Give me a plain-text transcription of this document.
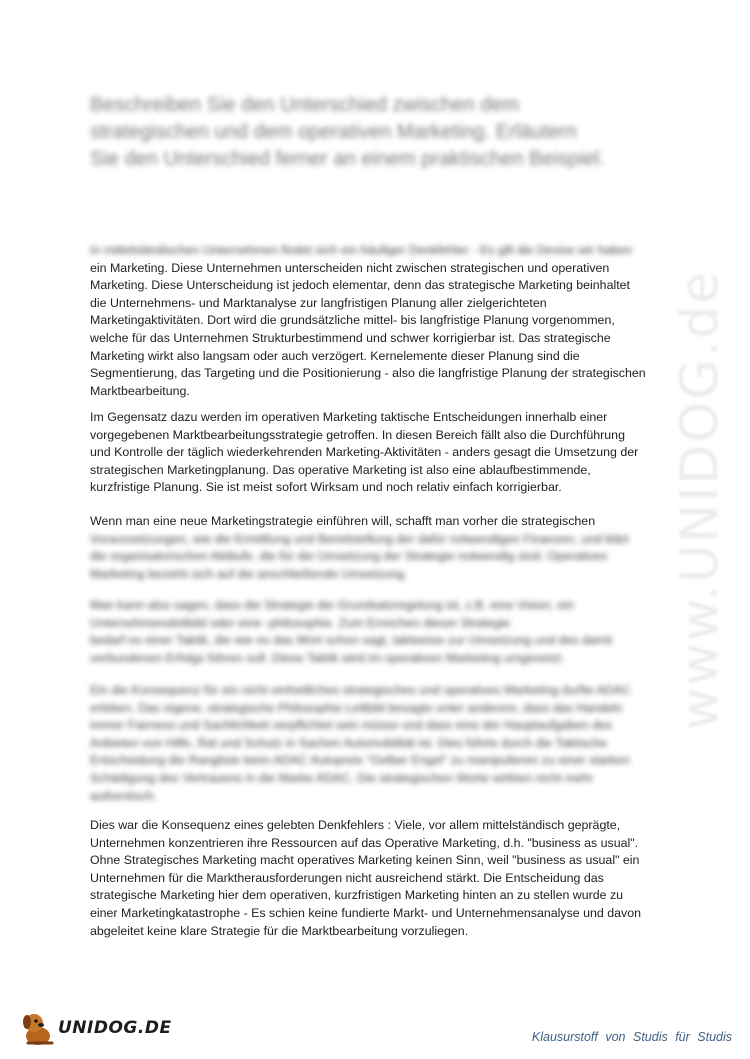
Beschreiben Sie den Unterschied zwischen dem strategischen und dem operativen Marketing. Erläutern Sie den Unterschied ferner an einem praktischen Beispiel.
In mittelständischen Unternehmen findet sich ein häufiger Denkfehler - Es gilt die Devise wir haben
ein Marketing. Diese Unternehmen unterscheiden nicht zwischen strategischen und operativen
Marketing. Diese Unterscheidung ist jedoch elementar, denn das strategische Marketing beinhaltet
die Unternehmens- und Marktanalyse zur langfristigen Planung aller zielgerichteten
Marketingaktivitäten. Dort wird die grundsätzliche mittel- bis langfristige Planung vorgenommen,
welche für das Unternehmen Strukturbestimmend und schwer korrigierbar ist. Das strategische
Marketing wirkt also langsam oder auch verzögert. Kernelemente dieser Planung sind die
Segmentierung, das Targeting und die Positionierung - also die langfristige Planung der strategischen
Marktbearbeitung.
Im Gegensatz dazu werden im operativen Marketing taktische Entscheidungen innerhalb einer
vorgegebenen Marktbearbeitungsstrategie getroffen. In diesen Bereich fällt also die Durchführung
und Kontrolle der täglich wiederkehrenden Marketing-Aktivitäten - anders gesagt die Umsetzung der
strategischen Marketingplanung. Das operative Marketing ist also eine ablaufbestimmende,
kurzfristige Planung. Sie ist meist sofort Wirksam und noch relativ einfach korrigierbar.
Wenn man eine neue Marketingstrategie einführen will, schafft man vorher die strategischen
Voraussetzungen, wie die Ermittlung und Bereitstellung der dafür notwendigen Finanzen, und klärt
die organisatorischen Abläufe, die für die Umsetzung der Strategie notwendig sind. Operatives
Marketing bezieht sich auf die anschließende Umsetzung.
Man kann also sagen, dass die Strategie die Grundsatzregelung ist, z.B. eine Vision, ein
Unternehmensleitbild oder eine -philosophie. Zum Erreichen dieser Strategie
bedarf es einer Taktik, die wie es das Wort schon sagt, taktweise zur Umsetzung und des damit
verbundenen Erfolgs führen soll. Diese Taktik wird im operativen Marketing umgesetzt.
Ein die Konsequenz für ein nicht einheitliches strategisches und operatives Marketing durfte ADAC
erleben. Das eigene, strategische Philosophie Leitbild besagte unter anderem, dass das Handeln
immer Fairness und Sachlichkeit verpflichtet sein müsse und dass eine der Hauptaufgaben des
Anbieten von Hilfe, Rat und Schutz in Sachen Automobilität ist. Dies führte durch die Taktische
Entscheidung die Rangliste beim ADAC Autopreis "Gelber Engel" zu manipulieren zu einer starken
Schädigung des Vertrauens in die Marke ADAC. Die strategischen Worte wirkten nicht mehr
authentisch.
Dies war die Konsequenz eines gelebten Denkfehlers : Viele, vor allem mittelständisch geprägte,
Unternehmen konzentrieren ihre Ressourcen auf das Operative Marketing, d.h. "business as usual".
Ohne Strategisches Marketing macht operatives Marketing keinen Sinn, weil "business as usual" ein
Unternehmen für die Marktherausforderungen nicht ausreichend stärkt. Die Entscheidung das
strategische Marketing hier dem operativen, kurzfristigen Marketing hinten an zu stellen wurde zu
einer Marketingkatastrophe - Es schien keine fundierte Markt- und Unternehmensanalyse und davon
abgeleitet keine klare Strategie für die Marktbearbeitung vorzuliegen.
www.UNIDOG.de
UNIDOG.DE	Klausurstoff von Studis für Studis
